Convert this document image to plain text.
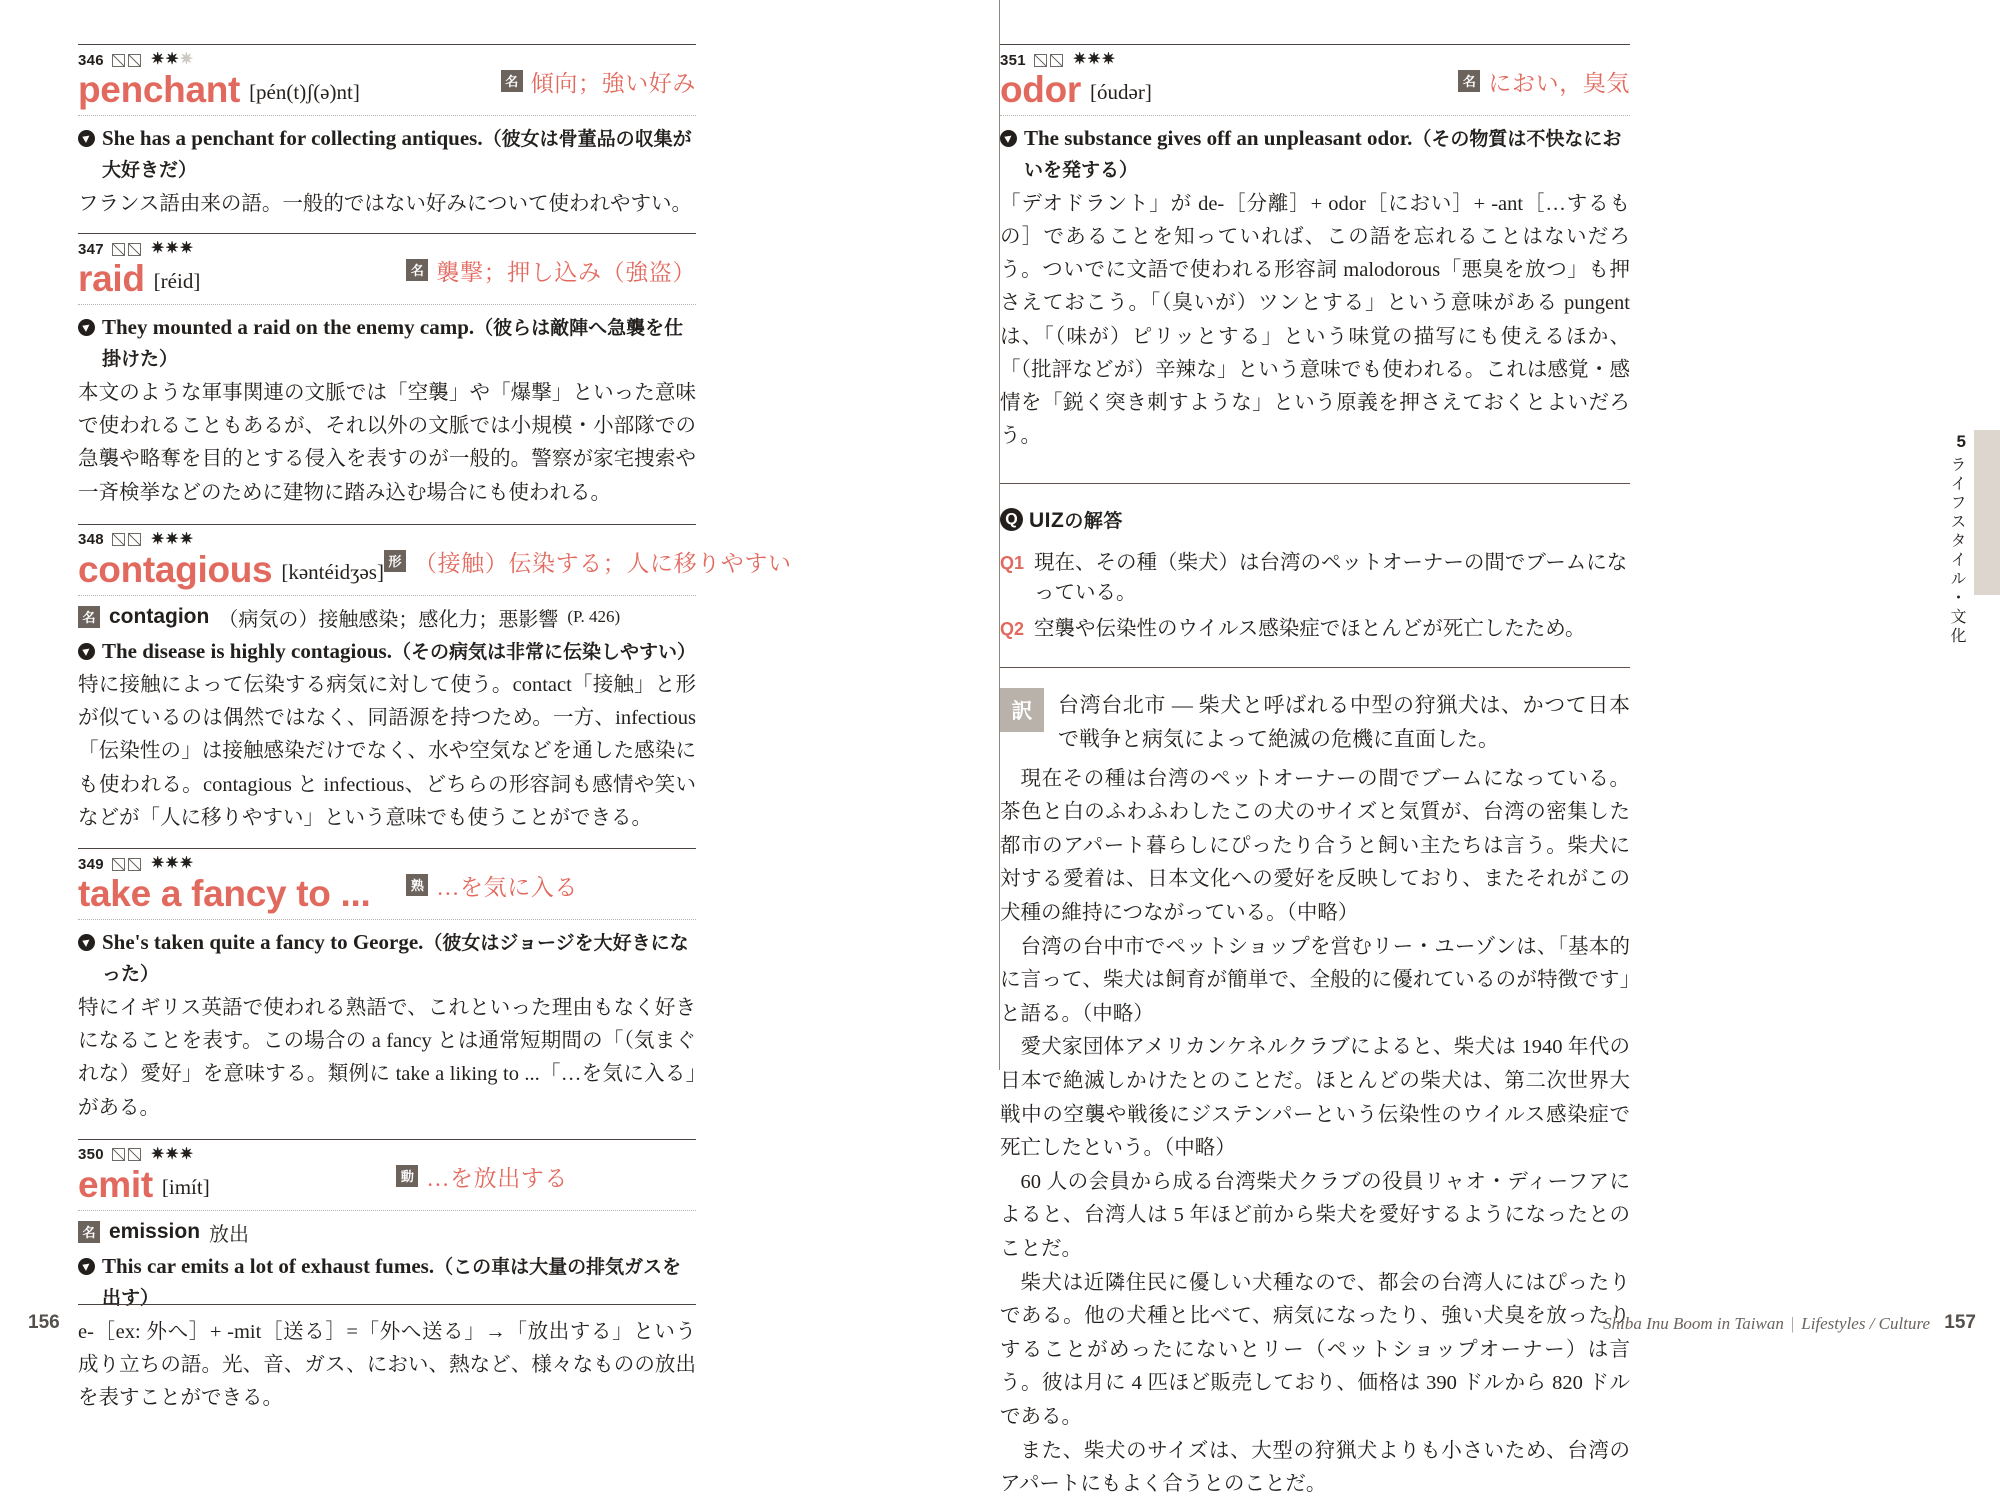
346	✷✷✷
penchant [pén(t)ʃ(ə)nt]	名 傾向；強い好み
She has a penchant for collecting antiques.（彼女は骨董品の収集が大好きだ）

フランス語由来の語。一般的ではない好みについて使われやすい。

347	✷✷✷
raid [réid]	名 襲撃；押し込み（強盗）
They mounted a raid on the enemy camp.（彼らは敵陣へ急襲を仕掛けた）

本文のような軍事関連の文脈では「空襲」や「爆撃」といった意味で使われることもあるが、それ以外の文脈では小規模・小部隊での急襲や略奪を目的とする侵入を表すのが一般的。警察が家宅捜索や一斉検挙などのために建物に踏み込む場合にも使われる。

348	✷✷✷
contagious [kəntéidʒəs] 形 （接触）伝染する；人に移りやすい
名 contagion （病気の）接触感染；感化力；悪影響 (P. 426)
The disease is highly contagious.（その病気は非常に伝染しやすい）

特に接触によって伝染する病気に対して使う。contact「接触」と形が似ているのは偶然ではなく、同語源を持つため。一方、infectious「伝染性の」は接触感染だけでなく、水や空気などを通した感染にも使われる。contagious と infectious、どちらの形容詞も感情や笑いなどが「人に移りやすい」という意味でも使うことができる。

349	✷✷✷
take a fancy to ...	熟 …を気に入る
She's taken quite a fancy to George.（彼女はジョージを大好きになった）

特にイギリス英語で使われる熟語で、これといった理由もなく好きになることを表す。この場合の a fancy とは通常短期間の「（気まぐれな）愛好」を意味する。類例に take a liking to ...「…を気に入る」がある。

350	✷✷✷
emit [imít]	動 …を放出する
名 emission 放出
This car emits a lot of exhaust fumes.（この車は大量の排気ガスを出す）

e-［ex: 外へ］+ -mit［送る］=「外へ送る」→「放出する」という成り立ちの語。光、音、ガス、におい、熱など、様々なものの放出を表すことができる。

156
351	✷✷✷
odor [óudər]	名 におい，臭気
The substance gives off an unpleasant odor.（その物質は不快なにおいを発する）

「デオドラント」が de-［分離］+ odor［におい］+ -ant［…するもの］であることを知っていれば、この語を忘れることはないだろう。ついでに文語で使われる形容詞 malodorous「悪臭を放つ」も押さえておこう。「（臭いが）ツンとする」という意味がある pungent は、「（味が）ピリッとする」という味覚の描写にも使えるほか、「（批評などが）辛辣な」という意味でも使われる。これは感覚・感情を「鋭く突き刺すような」という原義を押さえておくとよいだろう。

Q UIZの解答
Q1 現在、その種（柴犬）は台湾のペットオーナーの間でブームになっている。
Q2 空襲や伝染性のウイルス感染症でほとんどが死亡したため。
訳	台湾台北市 — 柴犬と呼ばれる中型の狩猟犬は、かつて日本で戦争と病気によって絶滅の危機に直面した。

現在その種は台湾のペットオーナーの間でブームになっている。茶色と白のふわふわしたこの犬のサイズと気質が、台湾の密集した都市のアパート暮らしにぴったり合うと飼い主たちは言う。柴犬に対する愛着は、日本文化への愛好を反映しており、またそれがこの犬種の維持につながっている。（中略）

台湾の台中市でペットショップを営むリー・ユーゾンは、「基本的に言って、柴犬は飼育が簡単で、全般的に優れているのが特徴です」と語る。（中略）

愛犬家団体アメリカンケネルクラブによると、柴犬は 1940 年代の日本で絶滅しかけたとのことだ。ほとんどの柴犬は、第二次世界大戦中の空襲や戦後にジステンパーという伝染性のウイルス感染症で死亡したという。（中略）

60 人の会員から成る台湾柴犬クラブの役員リャオ・ディーフアによると、台湾人は 5 年ほど前から柴犬を愛好するようになったとのことだ。

柴犬は近隣住民に優しい犬種なので、都会の台湾人にはぴったりである。他の犬種と比べて、病気になったり、強い犬臭を放ったりすることがめったにないとリー（ペットショップオーナー）は言う。彼は月に 4 匹ほど販売しており、価格は 390 ドルから 820 ドルである。

また、柴犬のサイズは、大型の狩猟犬よりも小さいため、台湾のアパートにもよく合うとのことだ。

5
ライフスタイル・文化
Shiba Inu Boom in Taiwan | Lifestyles / Culture 157
